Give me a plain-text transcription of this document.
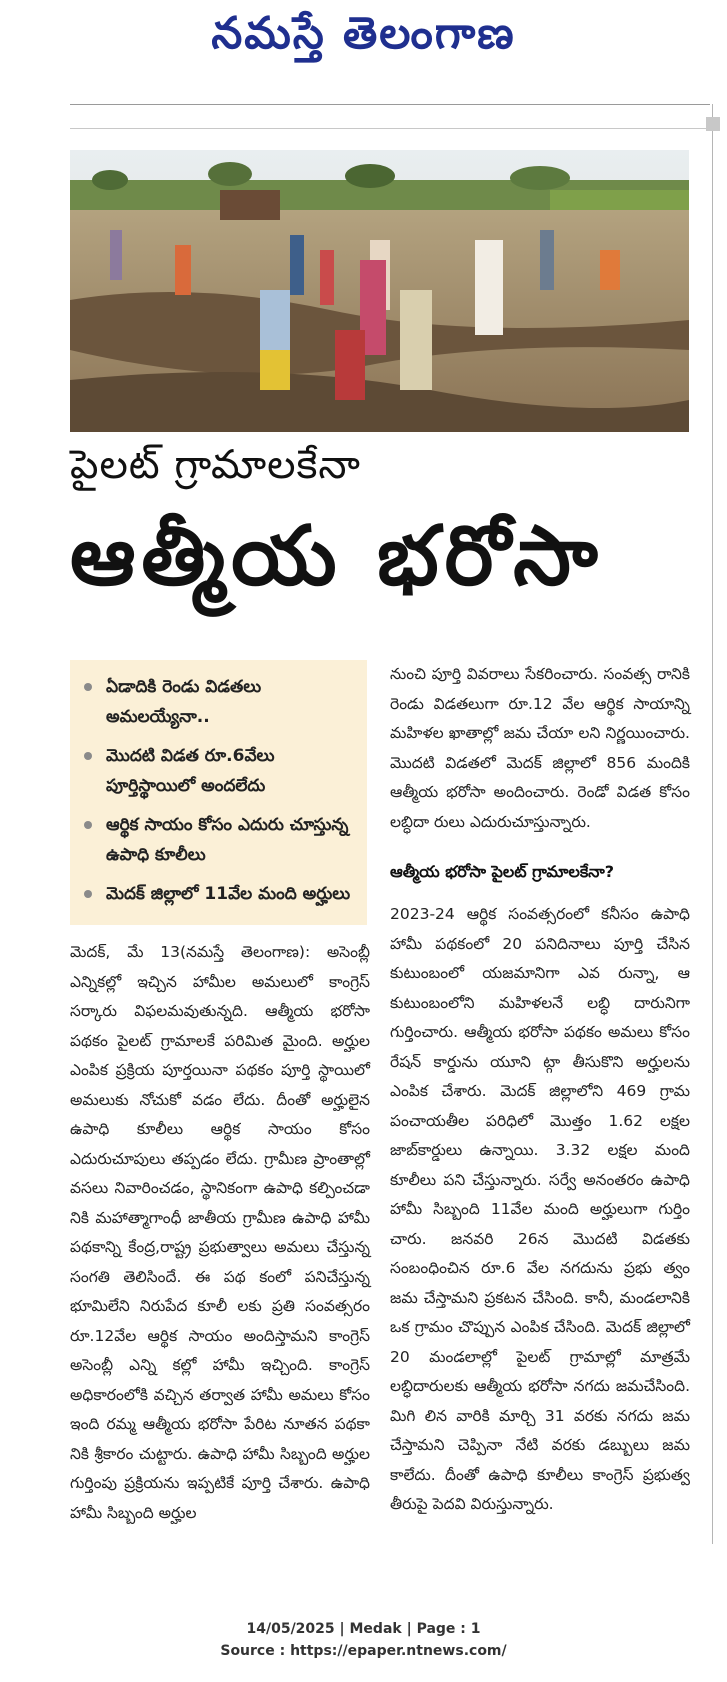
నమస్తే తెలంగాణ
పైలట్ గ్రామాలకేనా
ఆత్మీయ భరోసా
ఏడాదికి రెండు విడతలు అమలయ్యేనా..
మొదటి విడత రూ.6వేలు పూర్తిస్థాయిలో అందలేదు
ఆర్థిక సాయం కోసం ఎదురు చూస్తున్న ఉపాధి కూలీలు
మెదక్ జిల్లాలో 11వేల మంది అర్హులు

నుంచి పూర్తి వివరాలు సేకరించారు. సంవత్స రానికి రెండు విడతలుగా రూ.12 వేల ఆర్థిక సాయాన్ని మహిళల ఖాతాల్లో జమ చేయా లని నిర్ణయించారు. మొదటి విడతలో మెదక్ జిల్లాలో 856 మందికి ఆత్మీయ భరోసా అందించారు. రెండో విడత కోసం లబ్ధిదా రులు ఎదురుచూస్తున్నారు.

ఆత్మీయ భరోసా పైలట్ గ్రామాలకేనా?

2023-24 ఆర్థిక సంవత్సరంలో కనీసం ఉపాధి హామీ పథకంలో 20 పనిదినాలు పూర్తి చేసిన కుటుంబంలో యజమానిగా ఎవ రున్నా, ఆ కుటుంబంలోని మహిళలనే లబ్ధి దారునిగా గుర్తించారు. ఆత్మీయ భరోసా పథకం అమలు కోసం రేషన్ కార్డును యూని ట్గా తీసుకొని అర్హులను ఎంపిక చేశారు. మెదక్ జిల్లాలోని 469 గ్రామ పంచాయతీల పరిధిలో మొత్తం 1.62 లక్షల జాబ్‌కార్డులు ఉన్నాయి. 3.32 లక్షల మంది కూలీలు పని చేస్తున్నారు. సర్వే అనంతరం ఉపాధి హామీ సిబ్బంది 11వేల మంది అర్హులుగా గుర్తిం చారు. జనవరి 26న మొదటి విడతకు సంబంధించిన రూ.6 వేల నగదును ప్రభు త్వం జమ చేస్తామని ప్రకటన చేసింది. కానీ, మండలానికి ఒక గ్రామం చొప్పున ఎంపిక చేసింది. మెదక్ జిల్లాలో 20 మండలాల్లో పైలట్ గ్రామాల్లో మాత్రమే లబ్ధిదారులకు ఆత్మీయ భరోసా నగదు జమచేసింది. మిగి లిన వారికి మార్చి 31 వరకు నగదు జమ చేస్తామని చెప్పినా నేటి వరకు డబ్బులు జమ కాలేదు. దీంతో ఉపాధి కూలీలు కాంగ్రెస్ ప్రభుత్వ తీరుపై పెదవి విరుస్తున్నారు.

మెదక్, మే 13(నమస్తే తెలంగాణ): అసెంబ్లీ ఎన్నికల్లో ఇచ్చిన హామీల అమలులో కాంగ్రెస్ సర్కారు విఫలమవుతున్నది. ఆత్మీయ భరోసా పథకం పైలట్ గ్రామాలకే పరిమిత మైంది. అర్హుల ఎంపిక ప్రక్రియ పూర్తయినా పథకం పూర్తి స్థాయిలో అమలుకు నోచుకో వడం లేదు. దీంతో అర్హులైన ఉపాధి కూలీలు ఆర్థిక సాయం కోసం ఎదురుచూపులు తప్పడం లేదు. గ్రామీణ ప్రాంతాల్లో వసలు నివారించడం, స్థానికంగా ఉపాధి కల్పించడా నికి మహాత్మాగాంధీ జాతీయ గ్రామీణ ఉపాధి హామీ పథకాన్ని కేంద్ర,రాష్ట్ర ప్రభుత్వాలు అమలు చేస్తున్న సంగతి తెలిసిందే. ఈ పథ కంలో పనిచేస్తున్న భూమిలేని నిరుపేద కూలీ లకు ప్రతి సంవత్సరం రూ.12వేల ఆర్థిక సాయం అందిస్తామని కాంగ్రెస్ అసెంబ్లీ ఎన్ని కల్లో హామీ ఇచ్చింది. కాంగ్రెస్ అధికారంలోకి వచ్చిన తర్వాత హామీ అమలు కోసం ఇంది రమ్మ ఆత్మీయ భరోసా పేరిట నూతన పథకా నికి శ్రీకారం చుట్టారు. ఉపాధి హామీ సిబ్బంది అర్హుల గుర్తింపు ప్రక్రియను ఇప్పటికే పూర్తి చేశారు. ఉపాధి హామీ సిబ్బంది అర్హుల

14/05/2025 | Medak | Page : 1
Source : https://epaper.ntnews.com/
